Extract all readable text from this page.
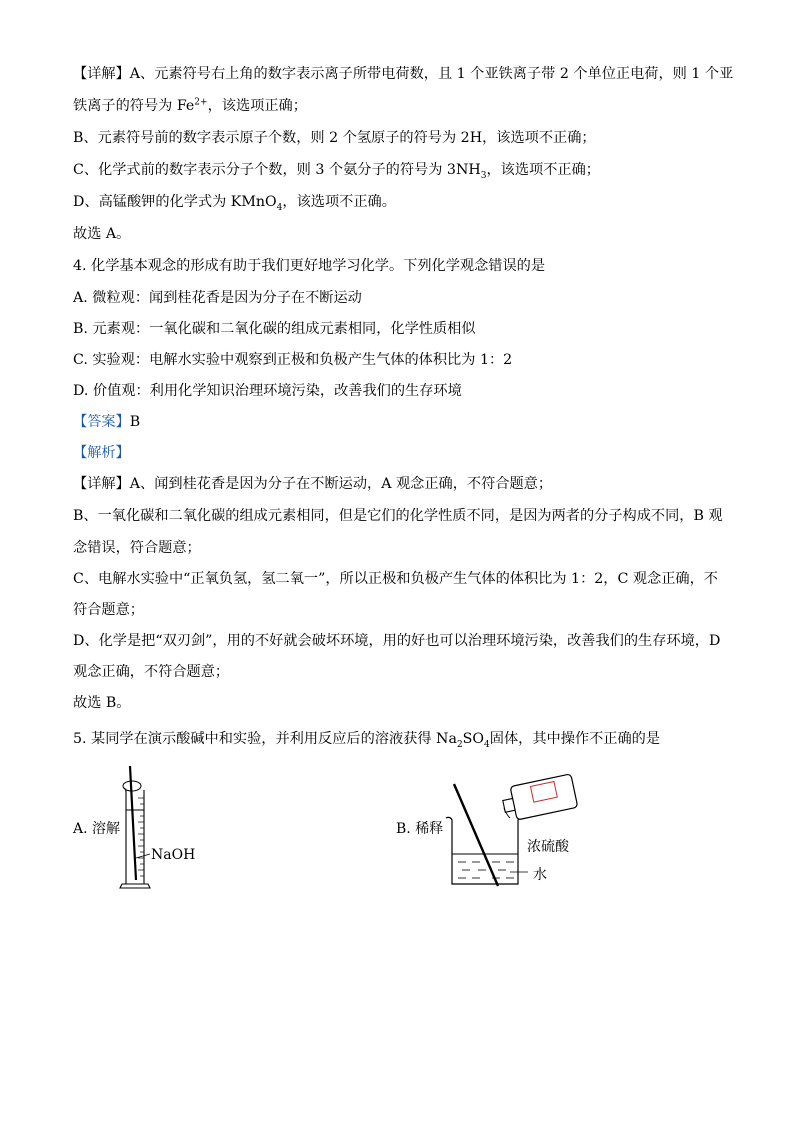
【详解】A、元素符号右上角的数字表示离子所带电荷数，且 1 个亚铁离子带 2 个单位正电荷，则 1 个亚
铁离子的符号为 $Fe^{2+}$，该选项正确；
B、元素符号前的数字表示原子个数，则 2 个氢原子的符号为 2H，该选项不正确；
C、化学式前的数字表示分子个数，则 3 个氨分子的符号为 $3NH_3$，该选项不正确；
D、高锰酸钾的化学式为 KMnO$_4$，该选项不正确。
故选 A。
4. 化学基本观念的形成有助于我们更好地学习化学。下列化学观念错误的是
A. 微粒观：闻到桂花香是因为分子在不断运动
B. 元素观：一氧化碳和二氧化碳的组成元素相同，化学性质相似
C. 实验观：电解水实验中观察到正极和负极产生气体的体积比为 1：2
D. 价值观：利用化学知识治理环境污染，改善我们的生存环境
【答案】B
【解析】
【详解】A、闻到桂花香是因为分子在不断运动，A 观念正确，不符合题意；
B、一氧化碳和二氧化碳的组成元素相同，但是它们的化学性质不同，是因为两者的分子构成不同，B 观
念错误，符合题意；
C、电解水实验中“正氧负氢，氢二氧一”，所以正极和负极产生气体的体积比为 1：2，C 观念正确，不
符合题意；
D、化学是把“双刃剑”，用的不好就会破坏环境，用的好也可以治理环境污染，改善我们的生存环境，D
观念正确，不符合题意；
故选 B。
5. 某同学在演示酸碱中和实验，并利用反应后的溶液获得 $Na_2SO_4$固体，其中操作不正确的是
A. 溶解
NaOH
B. 稀释
浓硫酸
水
